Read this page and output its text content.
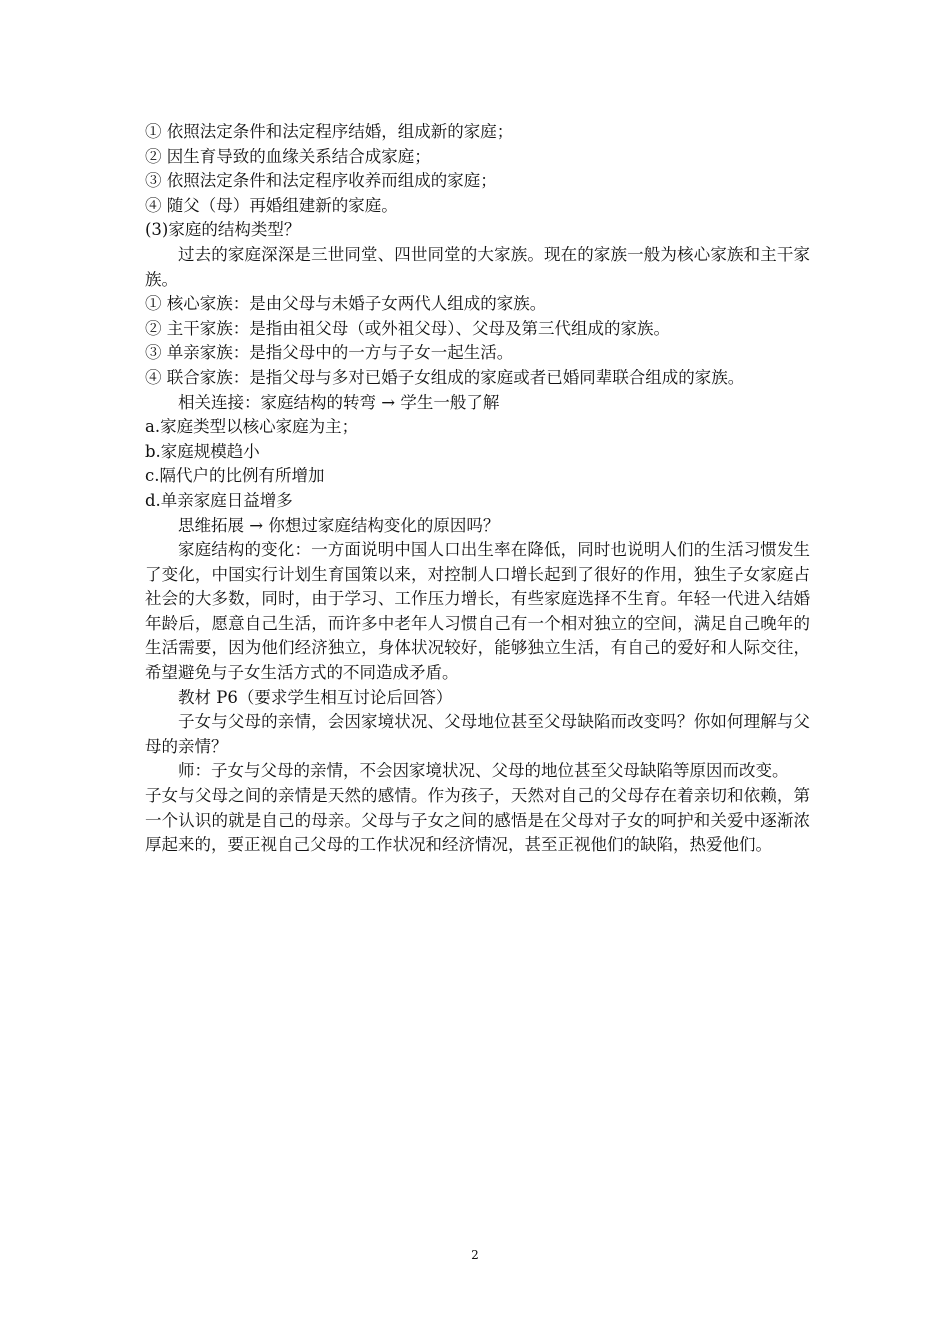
① 依照法定条件和法定程序结婚，组成新的家庭；
② 因生育导致的血缘关系结合成家庭；
③ 依照法定条件和法定程序收养而组成的家庭；
④ 随父（母）再婚组建新的家庭。
(3)家庭的结构类型？
过去的家庭深深是三世同堂、四世同堂的大家族。现在的家族一般为核心家族和主干家族。
① 核心家族：是由父母与未婚子女两代人组成的家族。
② 主干家族：是指由祖父母（或外祖父母）、父母及第三代组成的家族。
③ 单亲家族：是指父母中的一方与子女一起生活。
④ 联合家族：是指父母与多对已婚子女组成的家庭或者已婚同辈联合组成的家族。
相关连接：家庭结构的转弯 → 学生一般了解
a.家庭类型以核心家庭为主；
b.家庭规模趋小
c.隔代户的比例有所增加
d.单亲家庭日益增多
思维拓展 → 你想过家庭结构变化的原因吗？
家庭结构的变化：一方面说明中国人口出生率在降低，同时也说明人们的生活习惯发生了变化，中国实行计划生育国策以来，对控制人口增长起到了很好的作用，独生子女家庭占社会的大多数，同时，由于学习、工作压力增长，有些家庭选择不生育。年轻一代进入结婚年龄后，愿意自己生活，而许多中老年人习惯自己有一个相对独立的空间，满足自己晚年的生活需要，因为他们经济独立，身体状况较好，能够独立生活，有自己的爱好和人际交往，希望避免与子女生活方式的不同造成矛盾。
教材 P6（要求学生相互讨论后回答）
子女与父母的亲情，会因家境状况、父母地位甚至父母缺陷而改变吗？你如何理解与父母的亲情？
师：子女与父母的亲情，不会因家境状况、父母的地位甚至父母缺陷等原因而改变。
子女与父母之间的亲情是天然的感情。作为孩子，天然对自己的父母存在着亲切和依赖，第一个认识的就是自己的母亲。父母与子女之间的感悟是在父母对子女的呵护和关爱中逐渐浓厚起来的，要正视自己父母的工作状况和经济情况，甚至正视他们的缺陷，热爱他们。
2
